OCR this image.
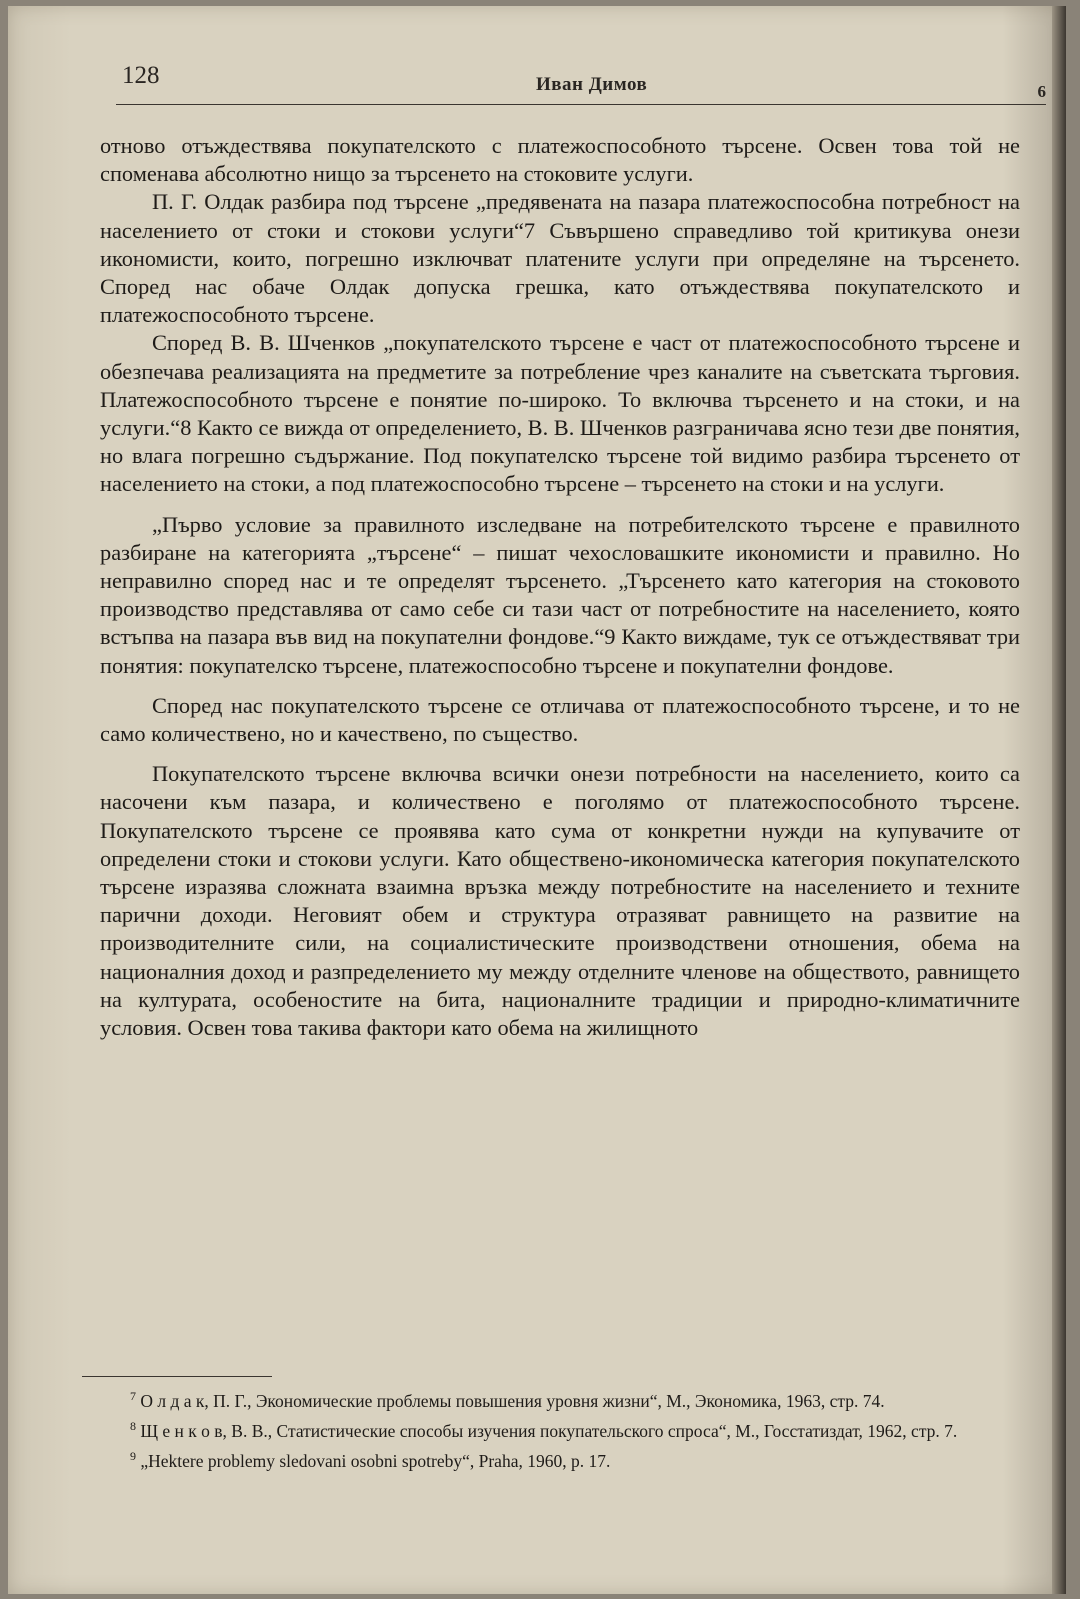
128	Иван Димов	6

отново отъждествява покупателското с платежоспособното търсене. Освен това той не споменава абсолютно нищо за търсенето на стоковите услуги.

П. Г. Олдак разбира под търсене „предявената на пазара платежоспособна потребност на населението от стоки и стокови услуги“7 Съвършено справедливо той критикува онези икономисти, които, погрешно изключват платените услуги при определяне на търсенето. Според нас обаче Олдак допуска грешка, като отъждествява покупателското и платежоспособното търсене.

Според В. В. Шченков „покупателското търсене е част от платежоспособното търсене и обезпечава реализацията на предметите за потребление чрез каналите на съветската търговия. Платежоспособното търсене е понятие по-широко. То включва търсенето и на стоки, и на услуги.“8 Както се вижда от определението, В. В. Шченков разграничава ясно тези две понятия, но влага погрешно съдържание. Под покупателско търсене той видимо разбира търсенето от населението на стоки, а под платежоспособно търсене – търсенето на стоки и на услуги.

„Първо условие за правилното изследване на потребителското търсене е правилното разбиране на категорията „търсене“ – пишат чехословашките икономисти и правилно. Но неправилно според нас и те определят търсенето. „Търсенето като категория на стоковото производство представлява от само себе си тази част от потребностите на населението, която встъпва на пазара във вид на покупателни фондове.“9 Както виждаме, тук се отъждествяват три понятия: покупателско търсене, платежоспособно търсене и покупателни фондове.

Според нас покупателското търсене се отличава от платежоспособното търсене, и то не само количествено, но и качествено, по същество.

Покупателското търсене включва всички онези потребности на населението, които са насочени към пазара, и количествено е поголямо от платежоспособното търсене. Покупателското търсене се проявява като сума от конкретни нужди на купувачите от определени стоки и стокови услуги. Като обществено-икономическа категория покупателското търсене изразява сложната взаимна връзка между потребностите на населението и техните парични доходи. Неговият обем и структура отразяват равнището на развитие на производителните сили, на социалистическите производствени отношения, обема на националния доход и разпределението му между отделните членове на обществото, равнището на културата, особеностите на бита, националните традиции и природно-климатичните условия. Освен това такива фактори като обема на жилищното

$^7$ О л д а к, П. Г., Экономические проблемы повышения уровня жизни“, М., Экономика, 1963, стр. 74.

$^8$ Щ е н к о в, В. В., Статистические способы изучения покупательского спроса“, М., Госстатиздат, 1962, стр. 7.

$^9$ „Hektere problemy sledovani osobni spotreby“, Praha, 1960, p. 17.
